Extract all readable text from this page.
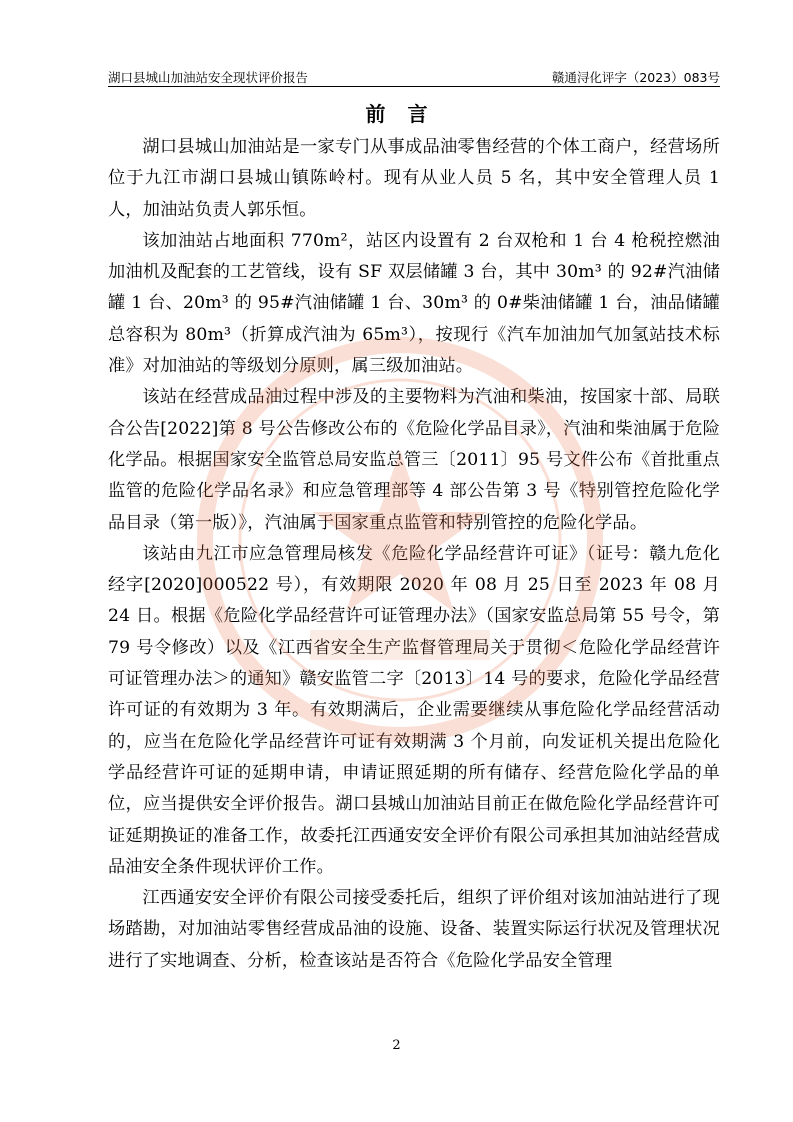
湖口县城山加油站安全现状评价报告	赣通浔化评字（2023）083号
前言

湖口县城山加油站是一家专门从事成品油零售经营的个体工商户，经营场所位于九江市湖口县城山镇陈岭村。现有从业人员 5 名，其中安全管理人员 1 人，加油站负责人郭乐恒。

该加油站占地面积 770m²，站区内设置有 2 台双枪和 1 台 4 枪税控燃油加油机及配套的工艺管线，设有 SF 双层储罐 3 台，其中 30m³ 的 92#汽油储罐 1 台、20m³ 的 95#汽油储罐 1 台、30m³ 的 0#柴油储罐 1 台，油品储罐总容积为 80m³（折算成汽油为 65m³），按现行《汽车加油加气加氢站技术标准》对加油站的等级划分原则，属三级加油站。

该站在经营成品油过程中涉及的主要物料为汽油和柴油，按国家十部、局联合公告[2022]第 8 号公告修改公布的《危险化学品目录》，汽油和柴油属于危险化学品。根据国家安全监管总局安监总管三〔2011〕95 号文件公布《首批重点监管的危险化学品名录》和应急管理部等 4 部公告第 3 号《特别管控危险化学品目录（第一版）》，汽油属于国家重点监管和特别管控的危险化学品。

该站由九江市应急管理局核发《危险化学品经营许可证》（证号：赣九危化经字[2020]000522 号），有效期限 2020 年 08 月 25 日至 2023 年 08 月 24 日。根据《危险化学品经营许可证管理办法》（国家安监总局第 55 号令，第 79 号令修改）以及《江西省安全生产监督管理局关于贯彻＜危险化学品经营许可证管理办法＞的通知》赣安监管二字〔2013〕14 号的要求，危险化学品经营许可证的有效期为 3 年。有效期满后，企业需要继续从事危险化学品经营活动的，应当在危险化学品经营许可证有效期满 3 个月前，向发证机关提出危险化学品经营许可证的延期申请，申请证照延期的所有储存、经营危险化学品的单位，应当提供安全评价报告。湖口县城山加油站目前正在做危险化学品经营许可证延期换证的准备工作，故委托江西通安安全评价有限公司承担其加油站经营成品油安全条件现状评价工作。

江西通安安全评价有限公司接受委托后，组织了评价组对该加油站进行了现场踏勘，对加油站零售经营成品油的设施、设备、装置实际运行状况及管理状况进行了实地调查、分析，检查该站是否符合《危险化学品安全管理

2
